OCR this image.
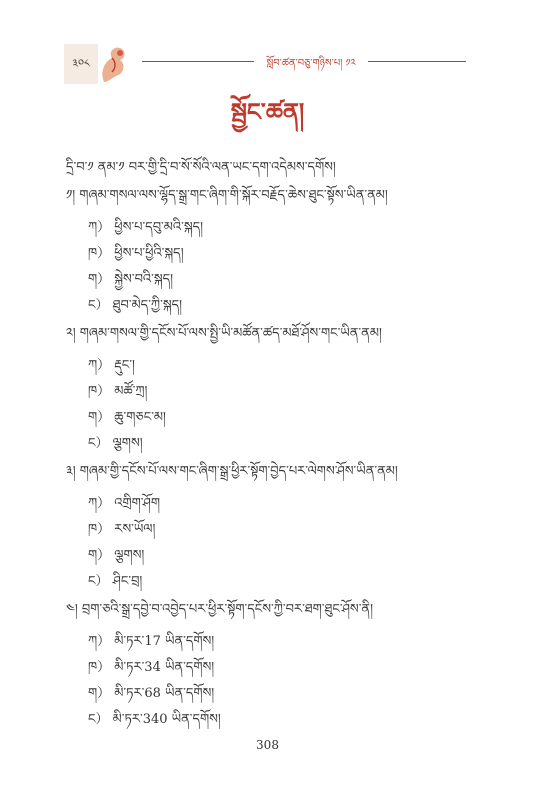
༣༠༨	སློབ་ཚན་བཅུ་གཉིས་པ། ༡༢
སྦྱོང་ཚན།
དྲི་བ་༡ ནམ་༡ བར་གྱི་དྲི་བ་སོ་སོའི་ལན་ཡང་དག་འདེམས་དགོས།
༡། གཞམ་གསལ་ལས་ལྷོད་སྒྲ་གང་ཞིག་གི་སྐོར་བརྗོད་ཆེས་ཐུང་སྟོས་ཡིན་ནམ།
ཀ） ཕྱིས་པ་དབུ་མའི་སྐད།
ཁ） ཕྱིས་པ་ཕྱིའི་སྐད།
ག） སྐྱེས་བའི་སྐད།
ང） ཐུབ་མེད་ཀྱི་སྐད།
༢། གཞམ་གསལ་གྱི་དངོས་པོ་ལས་སྤྱི་ཡི་མཚོན་ཚད་མཐོ་ཤོས་གང་ཡིན་ནམ།
ཀ） རྡུང་།
ཁ） མཚོ་ཀྲ།
ག） ཆུ་གཅང་མ།
ང） ལྕགས།
༣། གཞམ་གྱི་དངོས་པོ་ལས་གང་ཞིག་སྒྲ་ཕྱིར་སྟོག་བྱེད་པར་ལེགས་ཤོས་ཡིན་ནམ།
ཀ） འགྲིག་ཤོག
ཁ） རས་ཡོལ།
ག） ལྕགས།
ང） ཤིང་བྲ།
༤། བྲག་ཅའི་སྒྲ་དབྱེ་བ་འབྱེད་པར་ཕྱིར་སྟོག་དངོས་ཀྱི་བར་ཐག་ཐུང་ཤོས་ནི།
ཀ） མི་ཏར་17 ཡིན་དགོས།
ཁ） མི་ཏར་34 ཡིན་དགོས།
ག） མི་ཏར་68 ཡིན་དགོས།
ང） མི་ཏར་340 ཡིན་དགོས།
308
